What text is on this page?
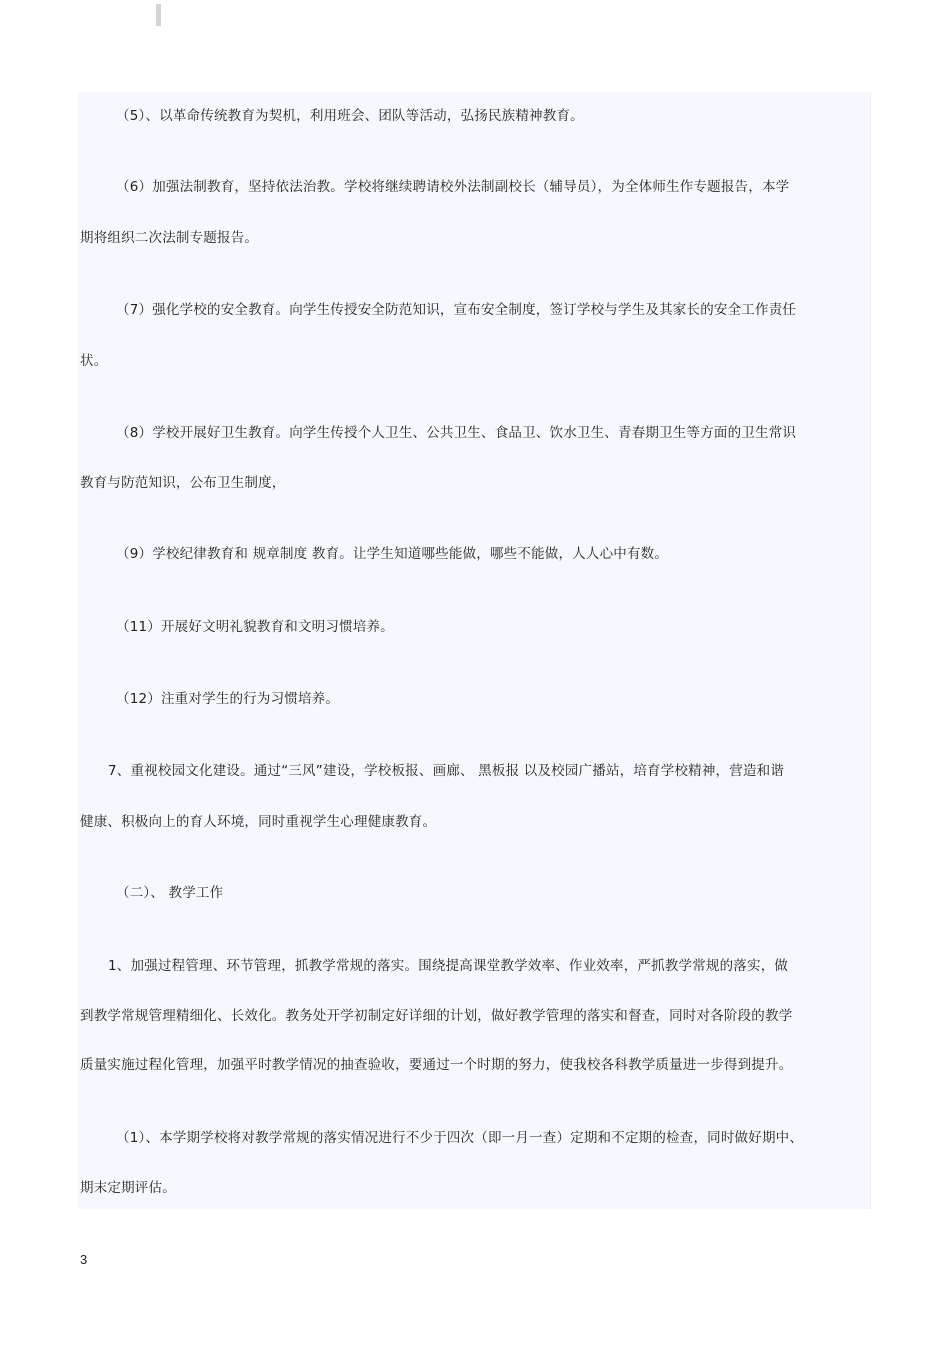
（5）、以革命传统教育为契机，利用班会、团队等活动，弘扬民族精神教育。
（6）加强法制教育，坚持依法治教。学校将继续聘请校外法制副校长（辅导员），为全体师生作专题报告，本学
期将组织二次法制专题报告。
（7）强化学校的安全教育。向学生传授安全防范知识，宣布安全制度，签订学校与学生及其家长的安全工作责任
状。
（8）学校开展好卫生教育。向学生传授个人卫生、公共卫生、食品卫、饮水卫生、青春期卫生等方面的卫生常识
教育与防范知识，公布卫生制度，
（9）学校纪律教育和 规章制度 教育。让学生知道哪些能做，哪些不能做，人人心中有数。
（11）开展好文明礼貌教育和文明习惯培养。
（12）注重对学生的行为习惯培养。
7、重视校园文化建设。通过“三风”建设，学校板报、画廊、 黑板报 以及校园广播站，培育学校精神，营造和谐
健康、积极向上的育人环境，同时重视学生心理健康教育。
（二）、 教学工作
1、加强过程管理、环节管理，抓教学常规的落实。围绕提高课堂教学效率、作业效率，严抓教学常规的落实，做
到教学常规管理精细化、长效化。教务处开学初制定好详细的计划，做好教学管理的落实和督查，同时对各阶段的教学
质量实施过程化管理，加强平时教学情况的抽查验收，要通过一个时期的努力，使我校各科教学质量进一步得到提升。
（1）、本学期学校将对教学常规的落实情况进行不少于四次（即一月一查）定期和不定期的检查，同时做好期中、
期末定期评估。
3
